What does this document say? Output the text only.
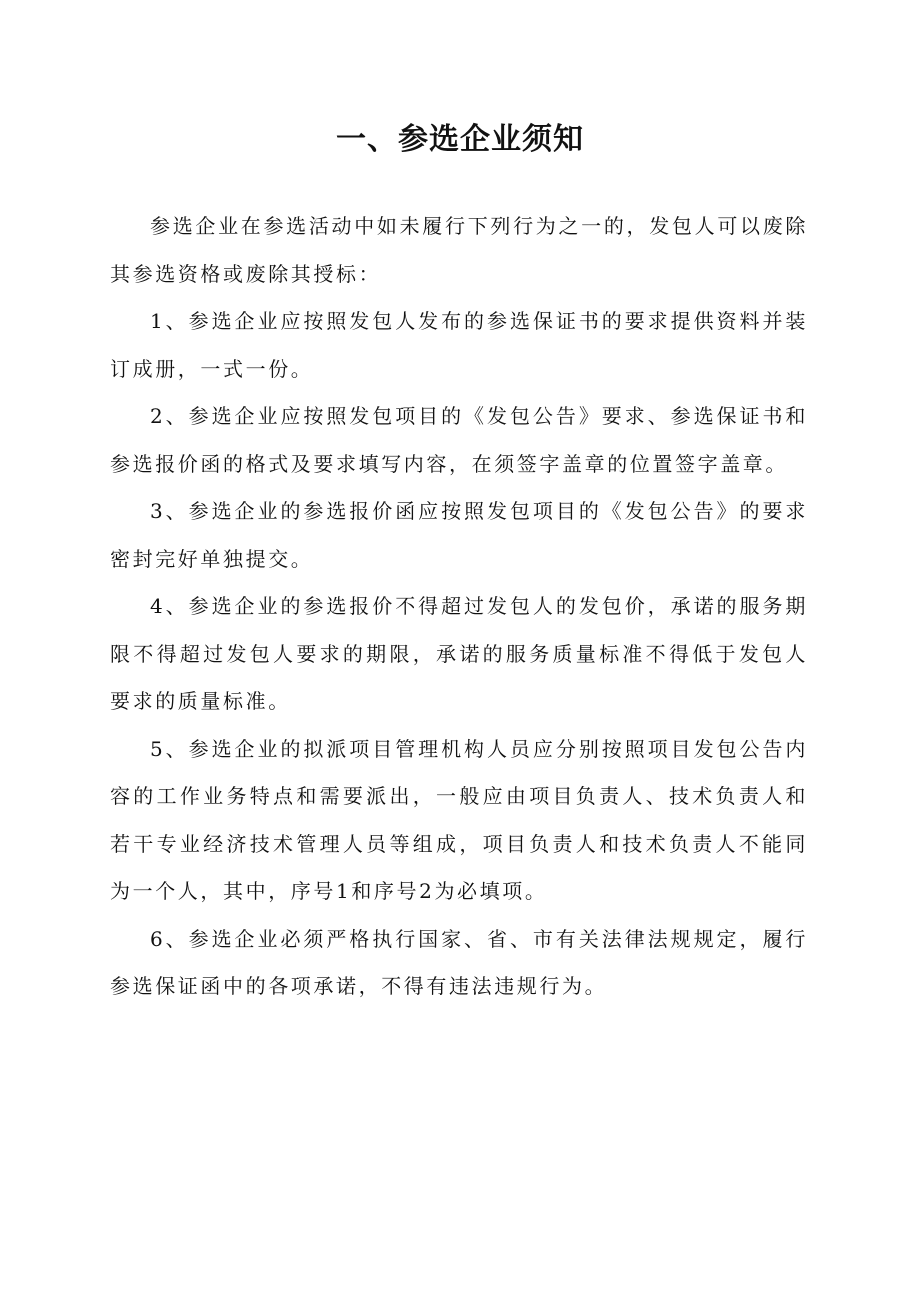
一、参选企业须知

参选企业在参选活动中如未履行下列行为之一的，发包人可以废除其参选资格或废除其授标：

1、参选企业应按照发包人发布的参选保证书的要求提供资料并装订成册，一式一份。

2、参选企业应按照发包项目的《发包公告》要求、参选保证书和参选报价函的格式及要求填写内容，在须签字盖章的位置签字盖章。

3、参选企业的参选报价函应按照发包项目的《发包公告》的要求密封完好单独提交。

4、参选企业的参选报价不得超过发包人的发包价，承诺的服务期限不得超过发包人要求的期限，承诺的服务质量标准不得低于发包人要求的质量标准。

5、参选企业的拟派项目管理机构人员应分别按照项目发包公告内容的工作业务特点和需要派出，一般应由项目负责人、技术负责人和若干专业经济技术管理人员等组成，项目负责人和技术负责人不能同为一个人，其中，序号1和序号2为必填项。

6、参选企业必须严格执行国家、省、市有关法律法规规定，履行参选保证函中的各项承诺，不得有违法违规行为。
